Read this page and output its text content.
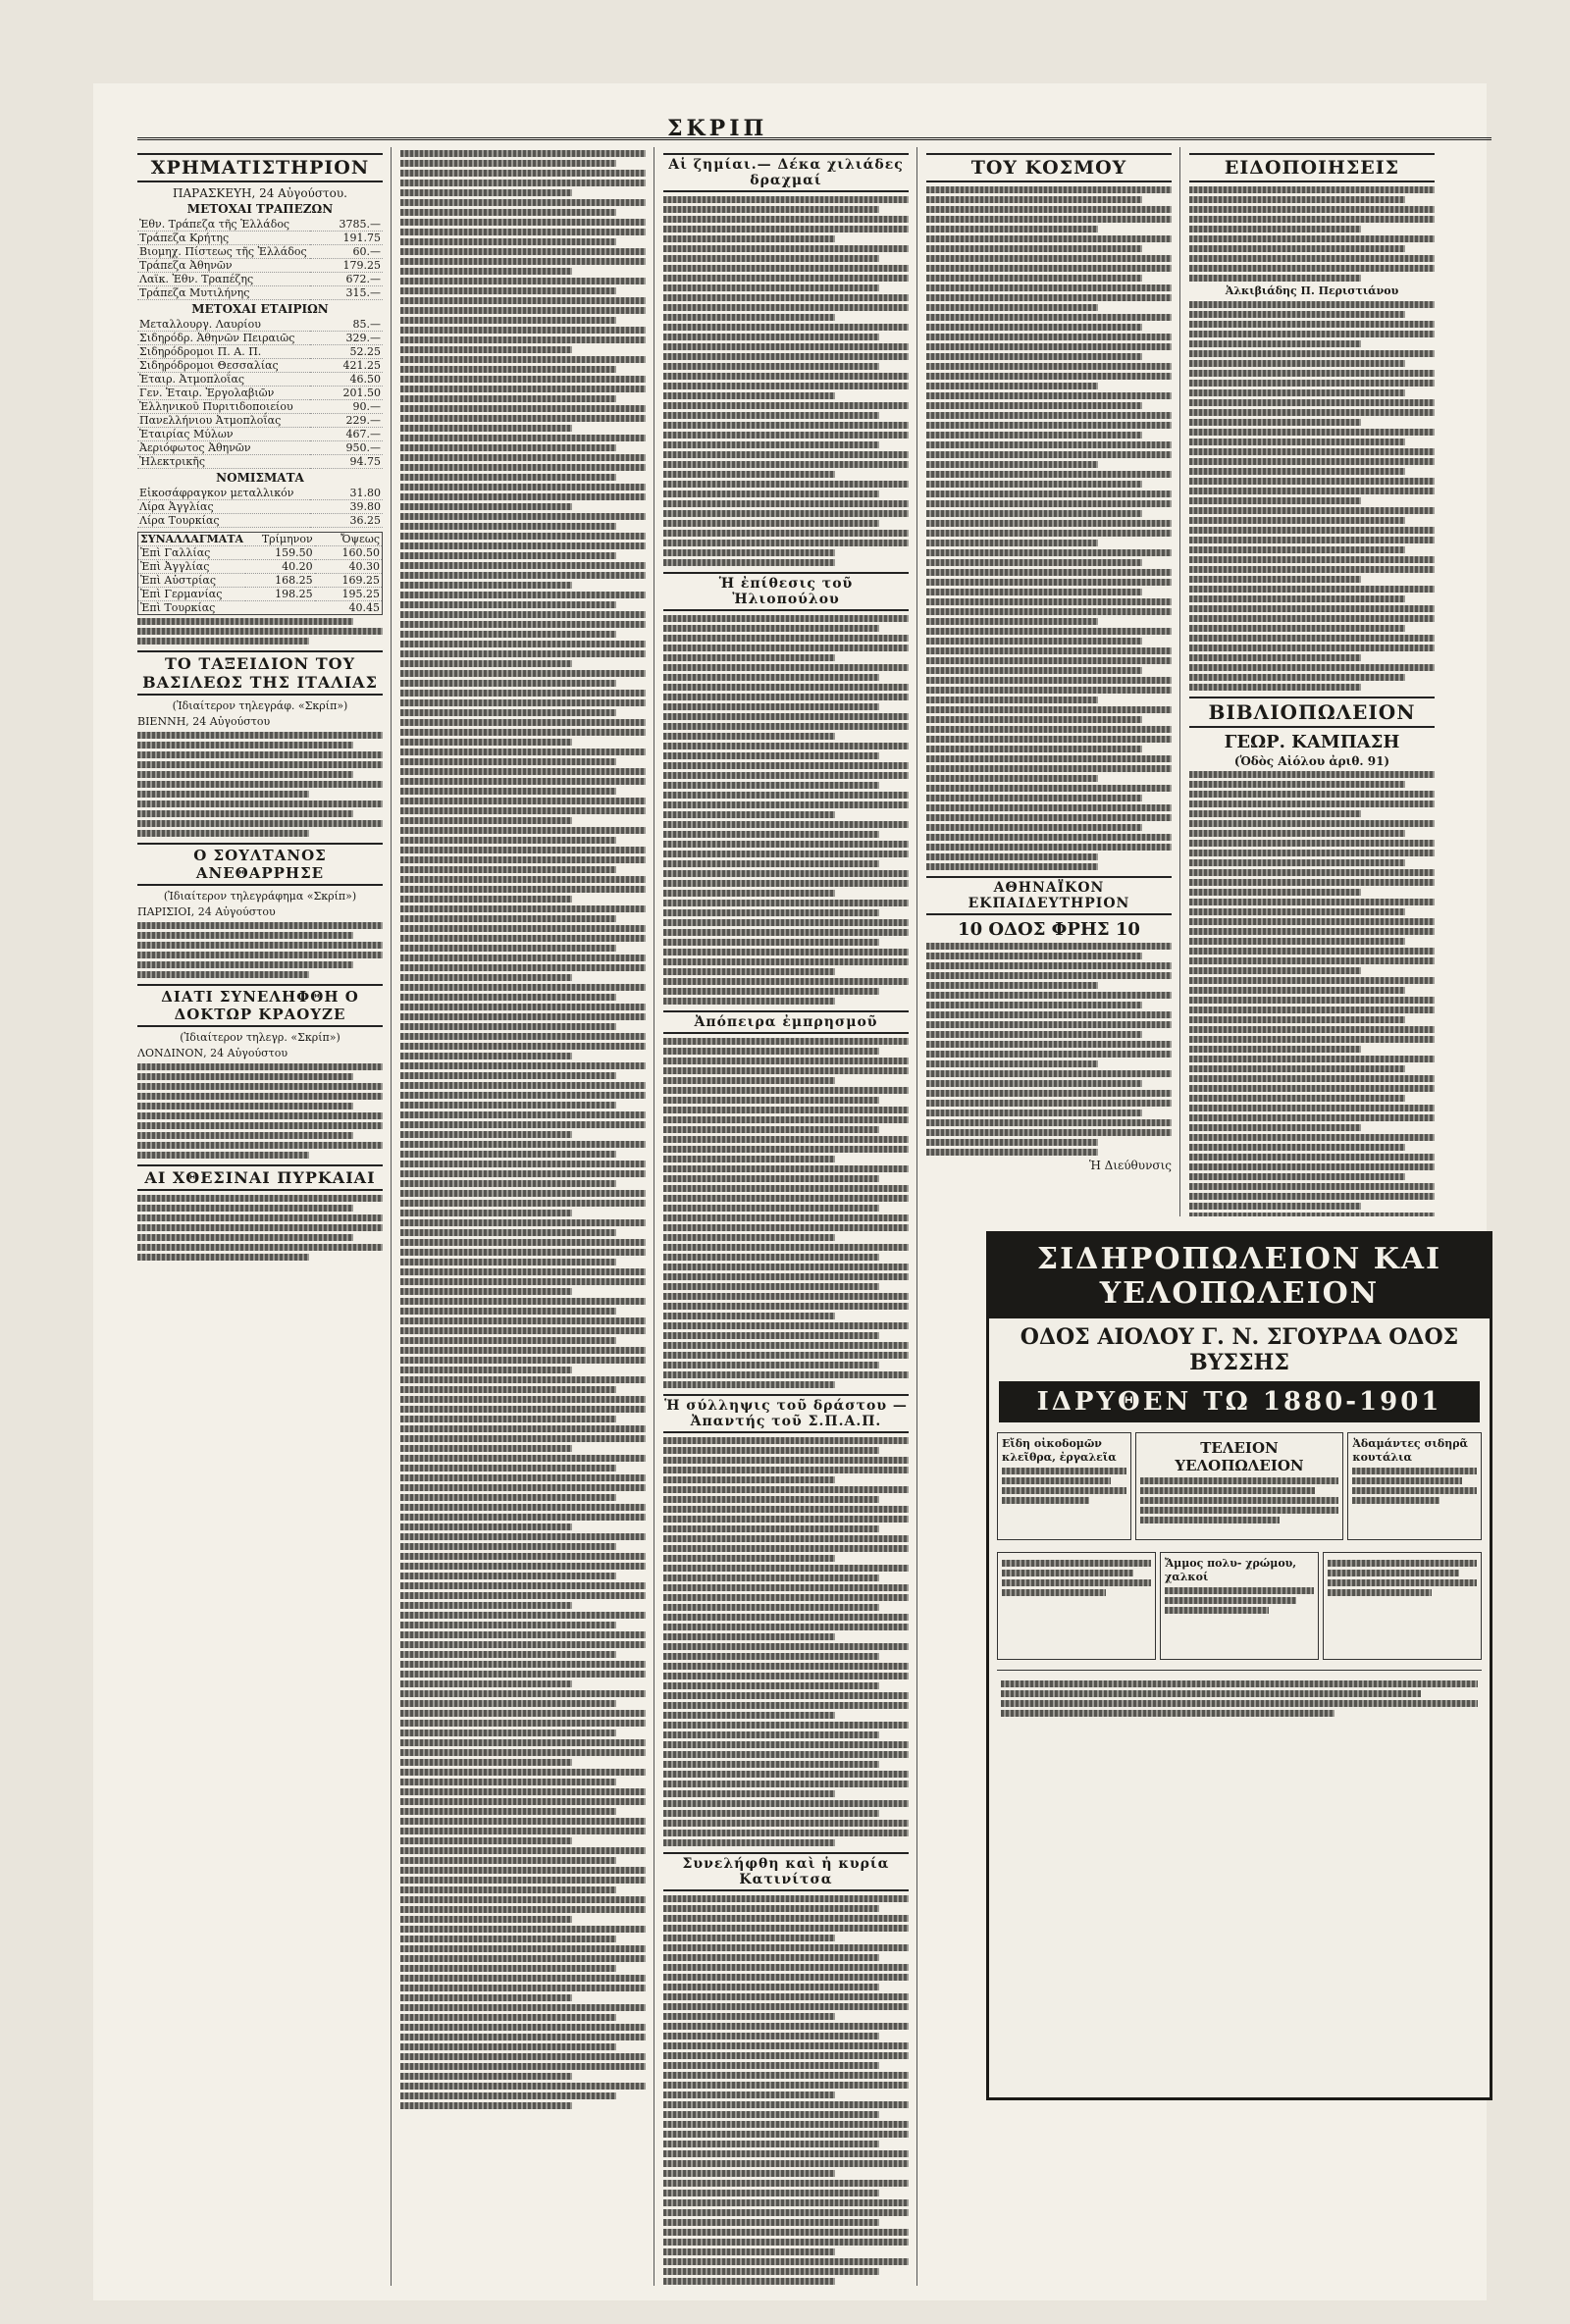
ΣΚΡΙΠ
ΧΡΗΜΑΤΙΣΤΗΡΙΟΝ
ΠΑΡΑΣΚΕΥΗ, 24 Αὐγούστου.
ΜΕΤΟΧΑΙ ΤΡΑΠΕΖΩΝ
Ἐθν. Τράπεζα τῆς Ἑλλάδος	3785.—
Τράπεζα Κρήτης	191.75
Βιομηχ. Πίστεως τῆς Ἑλλάδος	60.—
Τράπεζα Ἀθηνῶν	179.25
Λαϊκ. Ἐθν. Τραπέζης	672.—
Τράπεζα Μυτιλήνης	315.—
ΜΕΤΟΧΑΙ ΕΤΑΙΡΙΩΝ
Μεταλλουργ. Λαυρίου	85.—
Σιδηρόδρ. Ἀθηνῶν Πειραιῶς	329.—
Σιδηρόδρομοι Π. Α. Π.	52.25
Σιδηρόδρομοι Θεσσαλίας	421.25
Ἑταιρ. Ἀτμοπλοΐας	46.50
Γεν. Ἑταιρ. Ἐργολαβιῶν	201.50
Ἑλληνικοῦ Πυριτιδοποιείου	90.—
Πανελλήνιου Ἀτμοπλοΐας	229.—
Ἑταιρίας Μύλων	467.—
Ἀεριόφωτος Ἀθηνῶν	950.—
Ἠλεκτρικῆς	94.75
ΝΟΜΙΣΜΑΤΑ
Εἰκοσάφραγκον μεταλλικόν	31.80
Λίρα Ἀγγλίας	39.80
Λίρα Τουρκίας	36.25
ΣΥΝΑΛΛΑΓΜΑΤΑ	Τρίμηνον	Ὄψεως
Ἐπὶ Γαλλίας	159.50	160.50
Ἐπὶ Ἀγγλίας	40.20	40.30
Ἐπὶ Αὐστρίας	168.25	169.25
Ἐπὶ Γερμανίας	198.25	195.25
Ἐπὶ Τουρκίας		40.45
ΤΟ ΤΑΞΕΙΔΙΟΝ ΤΟΥ ΒΑΣΙΛΕΩΣ ΤΗΣ ΙΤΑΛΙΑΣ
(Ἰδιαίτερον τηλεγράφ. «Σκρίπ»)
ΒΙΕΝΝΗ, 24 Αὐγούστου
Ο ΣΟΥΛΤΑΝΟΣ ΑΝΕΘΑΡΡΗΣΕ
(Ἰδιαίτερον τηλεγράφημα «Σκρίπ»)
ΠΑΡΙΣΙΟΙ, 24 Αὐγούστου
ΔΙΑΤΙ ΣΥΝΕΛΗΦΘΗ Ο ΔΟΚΤΩΡ ΚΡΑΟΥΖΕ
(Ἰδιαίτερον τηλεγρ. «Σκρίπ»)
ΛΟΝΔΙΝΟΝ, 24 Αὐγούστου
ΑΙ ΧΘΕΣΙΝΑΙ ΠΥΡΚΑΙΑΙ
Αἱ ζημίαι.— Δέκα χιλιάδες δραχμαί
Ἡ ἐπίθεσις τοῦ Ἠλιοπούλου
Ἀπόπειρα ἐμπρησμοῦ
Ἡ σύλληψις τοῦ δράστου — Ἀπαντής τοῦ Σ.Π.Α.Π.
Συνελήφθη καὶ ἡ κυρία Κατινίτσα
ΤΟΥ ΚΟΣΜΟΥ
ΑΘΗΝΑΪΚΟΝ ΕΚΠΑΙΔΕΥΤΗΡΙΟΝ
10 ΟΔΟΣ ΦΡΗΣ 10
Ἡ Διεύθυνσις
ΕΙΔΟΠΟΙΗΣΕΙΣ
Ἀλκιβιάδης Π. Περιστιάνου
ΒΙΒΛΙΟΠΩΛΕΙΟΝ
ΓΕΩΡ. ΚΑΜΠΑΣΗ
(Ὁδὸς Αἰόλου ἀριθ. 91)
ΣΙΔΗΡΟΠΩΛΕΙΟΝ ΚΑΙ ΥΕΛΟΠΩΛΕΙΟΝ
ΟΔΟΣ ΑΙΟΛΟΥ Γ. Ν. ΣΓΟΥΡΔΑ ΟΔΟΣ ΒΥΣΣΗΣ
ΙΔΡΥΘΕΝ ΤΩ 1880-1901
Εἴδη οἰκοδομῶν κλεῖθρα, ἐργαλεῖα
ΤΕΛΕΙΟΝ ΥΕΛΟΠΩΛΕΙΟΝ
Ἀδαμάντες σιδηρᾶ κουτάλια
Ἄμμος πολυ- χρώμου, χαλκοί
